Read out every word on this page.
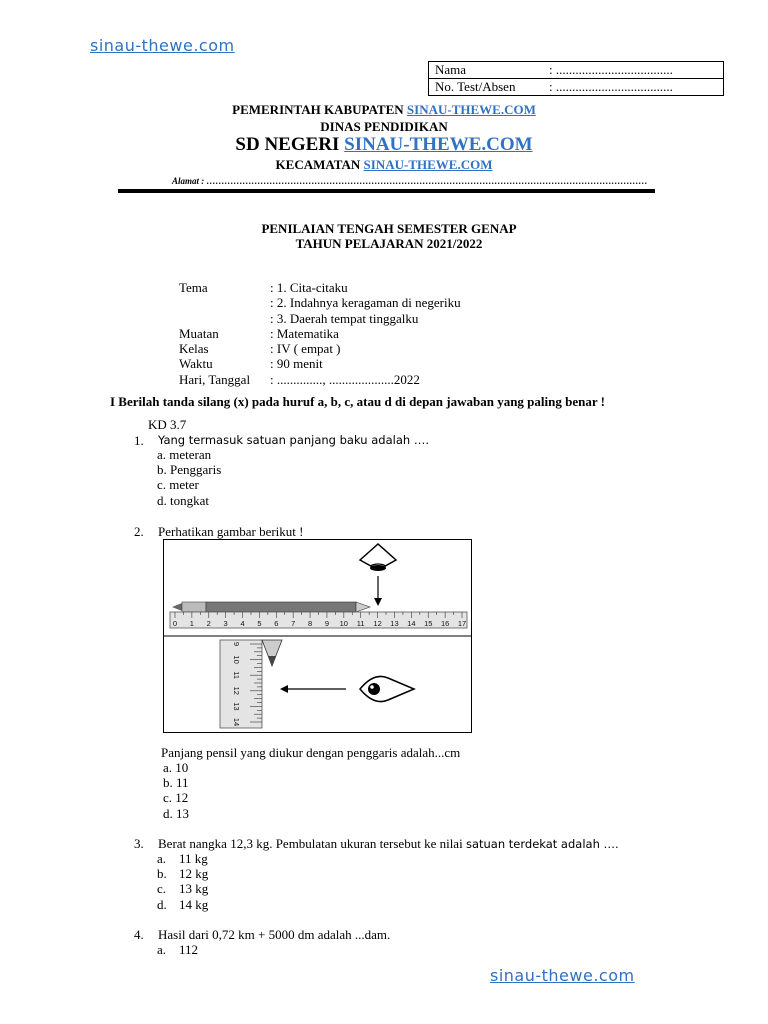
sinau-thewe.com
Nama	: ....................................
No. Test/Absen	: ....................................
PEMERINTAH KABUPATEN SINAU-THEWE.COM
DINAS PENDIDIKAN
SD NEGERI SINAU-THEWE.COM
KECAMATAN SINAU-THEWE.COM
Alamat : …………………………………………………………………………………………………………………………………
PENILAIAN TENGAH SEMESTER GENAP
TAHUN PELAJARAN 2021/2022
Tema	: 1. Cita-citaku
: 2. Indahnya keragaman di negeriku
: 3. Daerah tempat tinggalku
Muatan	: Matematika
Kelas	: IV ( empat )
Waktu	: 90 menit
Hari, Tanggal	: .............., ....................2022
I Berilah tanda silang (x) pada huruf a, b, c, atau d di depan jawaban yang paling benar !
KD 3.7
1. Yang termasuk satuan panjang baku adalah ….
a. meteran
b. Penggaris
c. meter
d. tongkat
2. Perhatikan gambar berikut !
0 1 2 3 4 5 6 7 8 9 10 11 12 13 14 15 16 17
9
10
11
12
13
14
Panjang pensil yang diukur dengan penggaris adalah...cm
a. 10
b. 11
c. 12
d. 13
3. Berat nangka 12,3 kg. Pembulatan ukuran tersebut ke nilai satuan terdekat adalah ….
a. 11 kg
b. 12 kg
c. 13 kg
d. 14 kg
4. Hasil dari 0,72 km + 5000 dm adalah ...dam.
a. 112
sinau-thewe.com
